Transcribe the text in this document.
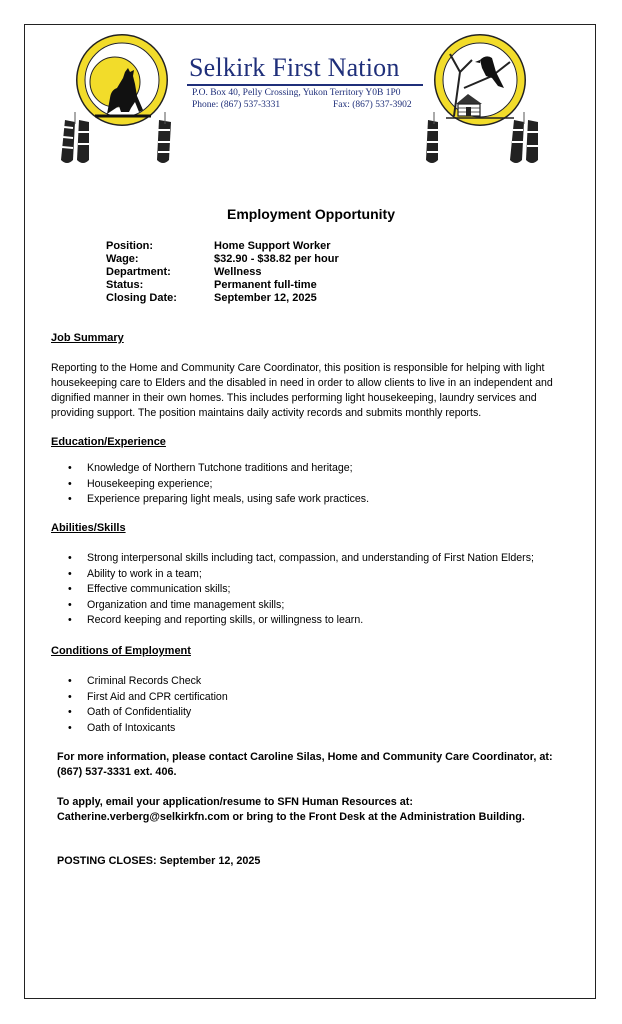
Selkirk First Nation
P.O. Box 40, Pelly Crossing, Yukon Territory Y0B 1P0
Phone: (867) 537-3331	Fax: (867) 537-3902
Employment Opportunity
Position:	Home Support Worker
Wage:	$32.90 - $38.82 per hour
Department:	Wellness
Status:	Permanent full-time
Closing Date:	September 12, 2025
Job Summary
Reporting to the Home and Community Care Coordinator, this position is responsible for helping with light housekeeping care to Elders and the disabled in need in order to allow clients to live in an independent and dignified manner in their own homes. This includes performing light housekeeping, laundry services and providing support. The position maintains daily activity records and submits monthly reports.
Education/Experience
• Knowledge of Northern Tutchone traditions and heritage;
• Housekeeping experience;
• Experience preparing light meals, using safe work practices.
Abilities/Skills
• Strong interpersonal skills including tact, compassion, and understanding of First Nation Elders;
• Ability to work in a team;
• Effective communication skills;
• Organization and time management skills;
• Record keeping and reporting skills, or willingness to learn.
Conditions of Employment
• Criminal Records Check
• First Aid and CPR certification
• Oath of Confidentiality
• Oath of Intoxicants
For more information, please contact Caroline Silas, Home and Community Care Coordinator, at: (867) 537-3331 ext. 406.
To apply, email your application/resume to SFN Human Resources at: Catherine.verberg@selkirkfn.com or bring to the Front Desk at the Administration Building.
POSTING CLOSES: September 12, 2025
